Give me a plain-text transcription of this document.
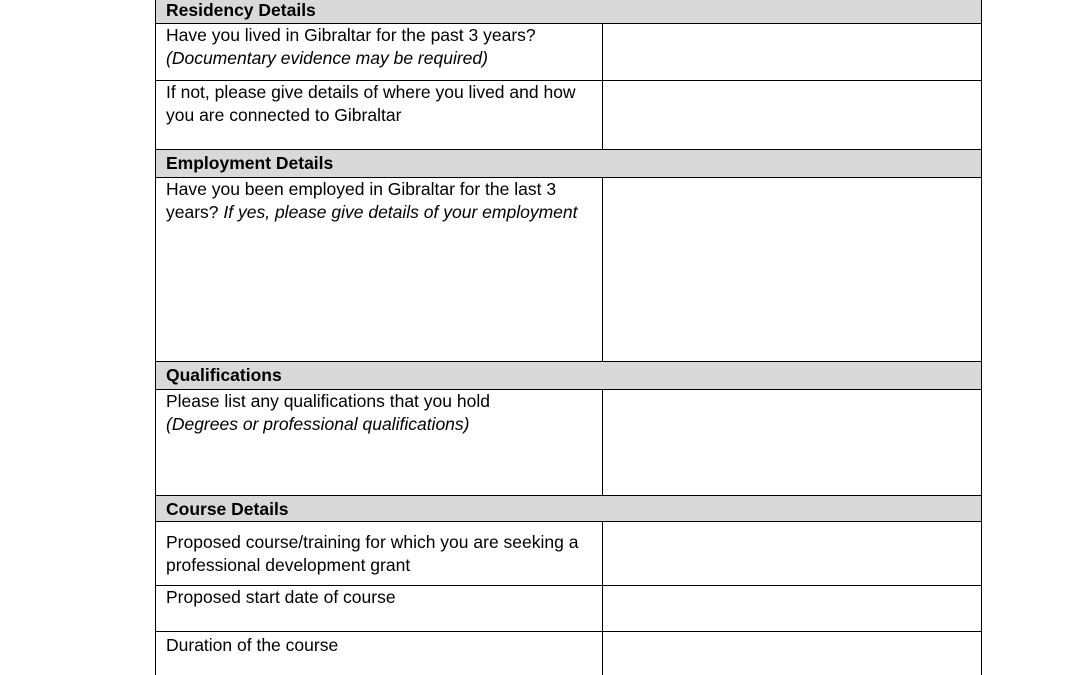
Residency Details	
Have you lived in Gibraltar for the past 3 years?
(Documentary evidence may be required)	

If not, please give details of where you lived and how you are connected to Gibraltar	
Employment Details	
Have you been employed in Gibraltar for the last 3 years? If yes, please give details of your employment	
Qualifications	
Please list any qualifications that you hold
(Degrees or professional qualifications)	

Course Details	
Proposed course/training for which you are seeking a professional development grant	
Proposed start date of course	
Duration of the course	
